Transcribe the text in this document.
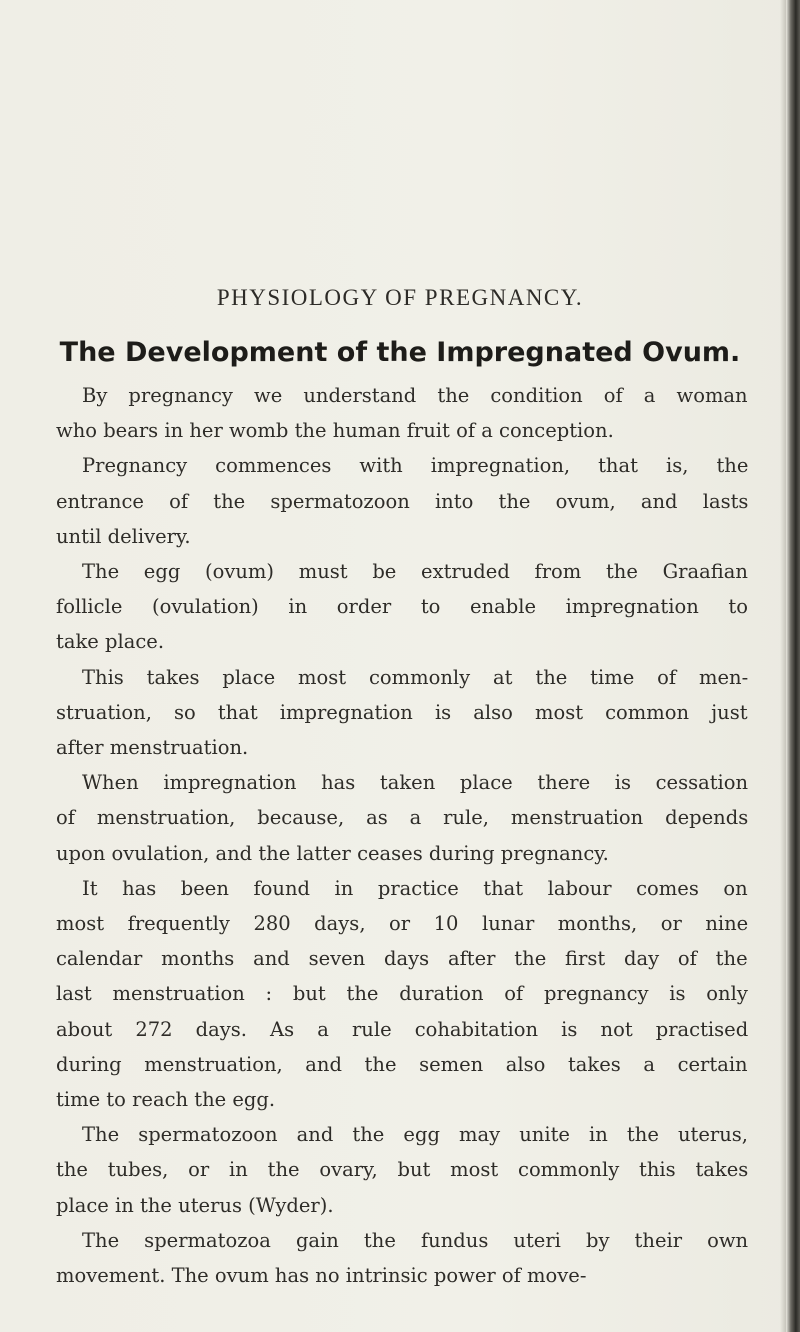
PHYSIOLOGY OF PREGNANCY.
The Development of the Impregnated Ovum.
By pregnancy we understand the condition of a woman
who bears in her womb the human fruit of a conception.
Pregnancy commences with impregnation, that is, the
entrance of the spermatozoon into the ovum, and lasts
until delivery.
The egg (ovum) must be extruded from the Graafian
follicle (ovulation) in order to enable impregnation to
take place.
This takes place most commonly at the time of men-
struation, so that impregnation is also most common just
after menstruation.
When impregnation has taken place there is cessation
of menstruation, because, as a rule, menstruation depends
upon ovulation, and the latter ceases during pregnancy.
It has been found in practice that labour comes on
most frequently 280 days, or 10 lunar months, or nine
calendar months and seven days after the first day of the
last menstruation : but the duration of pregnancy is only
about 272 days. As a rule cohabitation is not practised
during menstruation, and the semen also takes a certain
time to reach the egg.
The spermatozoon and the egg may unite in the uterus,
the tubes, or in the ovary, but most commonly this takes
place in the uterus (Wyder).
The spermatozoa gain the fundus uteri by their own
movement. The ovum has no intrinsic power of move-
